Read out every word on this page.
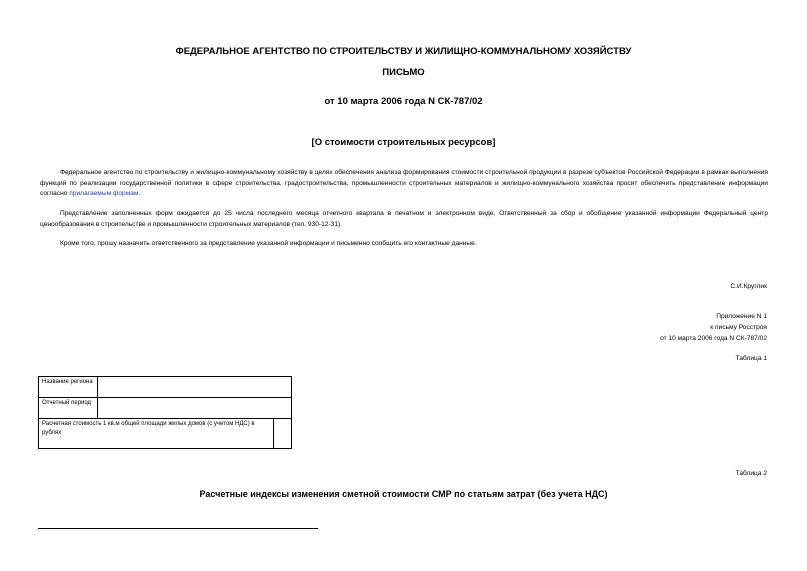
ФЕДЕРАЛЬНОЕ АГЕНТСТВО ПО СТРОИТЕЛЬСТВУ И ЖИЛИЩНО-КОММУНАЛЬНОМУ ХОЗЯЙСТВУ
ПИСЬМО
от 10 марта 2006 года N СК-787/02
[О стоимости строительных ресурсов]
Федеральное агентство по строительству и жилищно-коммунальному хозяйству в целях обеспечения анализа формирования стоимости строительной продукции в разрезе субъектов Российской Федерации в рамках выполнения функций по реализации государственной политики в сфере строительства, градостроительства, промышленности строительных материалов и жилищно-коммунального хозяйства просит обеспечить представление информации согласно прилагаемым формам.
Представление заполненных форм ожидается до 25 числа последнего месяца отчетного квартала в печатном и электронном виде. Ответственный за сбор и обобщение указанной информации Федеральный центр ценообразования в строительстве и промышленности строительных материалов (тел. 930-12-31).
Кроме того, прошу назначить ответственного за представление указанной информации и письменно сообщить его контактные данные.
С.И.Круглик
Приложение N 1
к письму Росстроя
от 10 марта 2006 года N СК-787/02
Таблица 1
Название региона		
Отчетный период		
Расчетная стоимость 1 кв.м общей площади жилых домов (с учетом НДС) в рублях		
Таблица 2
Расчетные индексы изменения сметной стоимости СМР по статьям затрат (без учета НДС)
